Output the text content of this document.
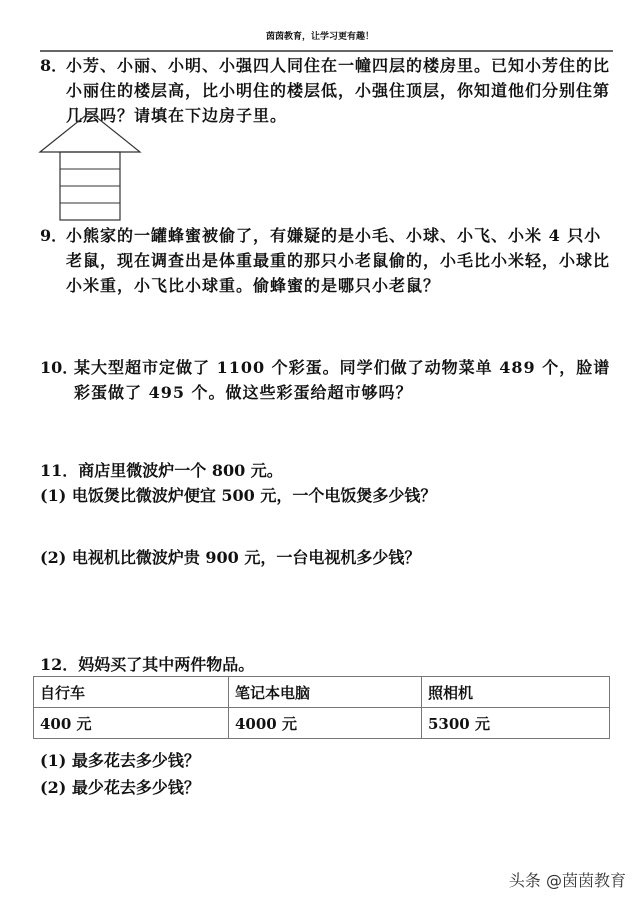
茵茵教育，让学习更有趣！
8．
小芳、小丽、小明、小强四人同住在一幢四层的楼房里。已知小芳住的比小丽住的楼层高，比小明住的楼层低，小强住顶层，你知道他们分别住第几层吗？请填在下边房子里。
9．
小熊家的一罐蜂蜜被偷了，有嫌疑的是小毛、小球、小飞、小米 4 只小老鼠，现在调查出是体重最重的那只小老鼠偷的，小毛比小米轻，小球比小米重，小飞比小球重。偷蜂蜜的是哪只小老鼠？
10．
某大型超市定做了 1100 个彩蛋。同学们做了动物菜单 489 个，脸谱彩蛋做了 495 个。做这些彩蛋给超市够吗？
11．商店里微波炉一个 800 元。
(1) 电饭煲比微波炉便宜 500 元，一个电饭煲多少钱？
(2) 电视机比微波炉贵 900 元，一台电视机多少钱？
12．妈妈买了其中两件物品。
自行车	笔记本电脑	照相机
400 元	4000 元	5300 元
(1) 最多花去多少钱？
(2) 最少花去多少钱？
头条 @茵茵教育
